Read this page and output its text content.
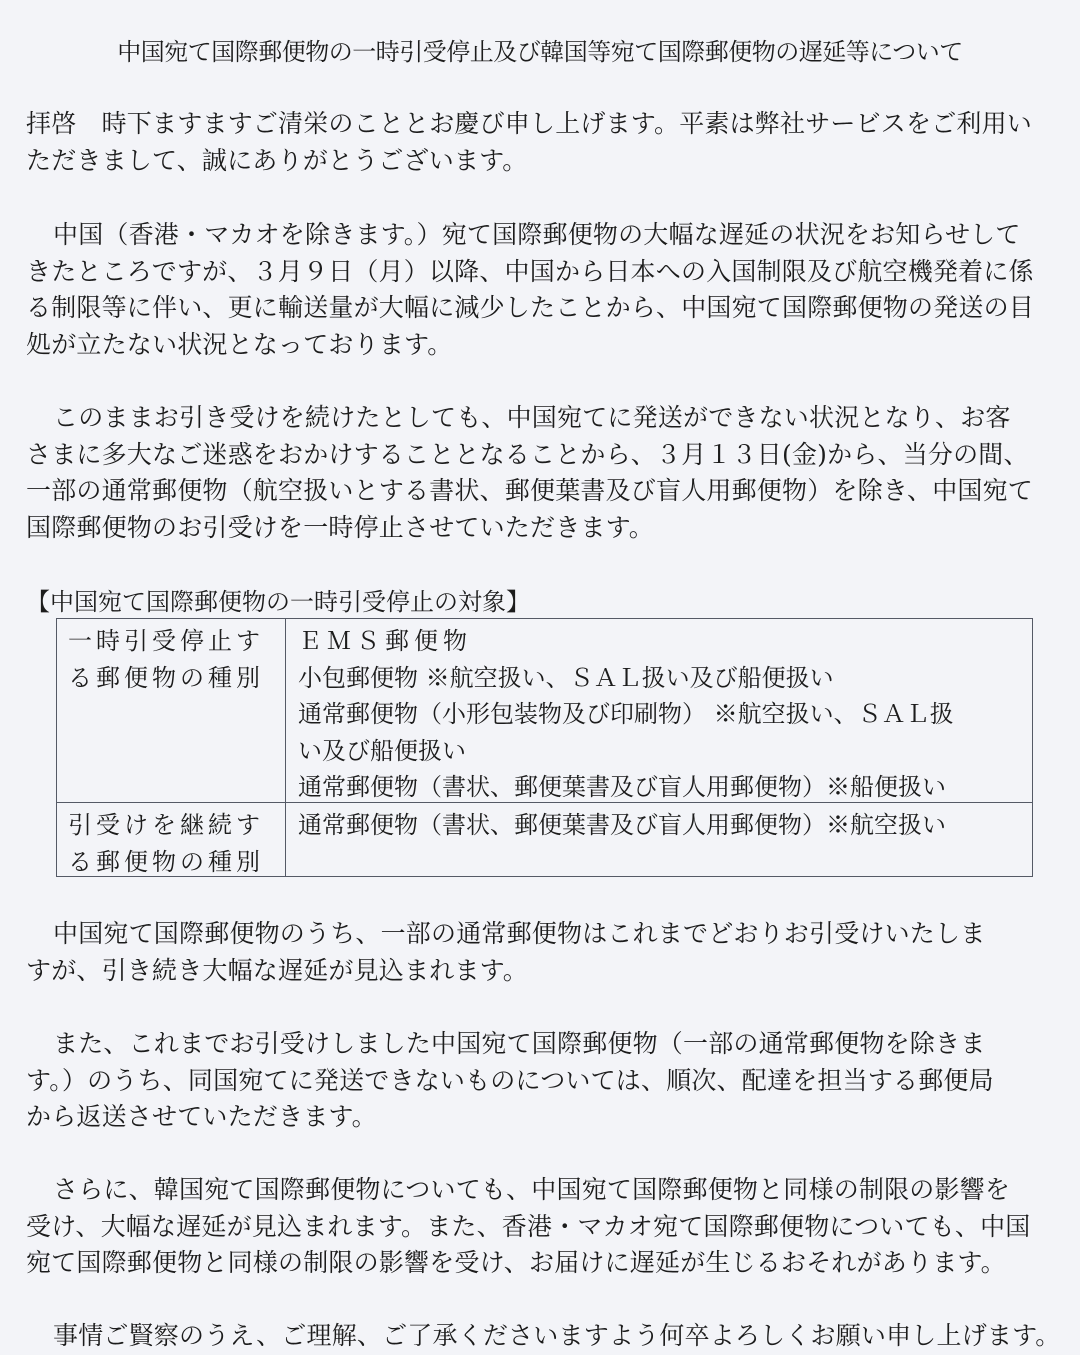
中国宛て国際郵便物の一時引受停止及び韓国等宛て国際郵便物の遅延等について
拝啓　時下ますますご清栄のこととお慶び申し上げます。平素は弊社サービスをご利用い
ただきまして、誠にありがとうございます。
中国（香港・マカオを除きます。）宛て国際郵便物の大幅な遅延の状況をお知らせして
きたところですが、３月９日（月）以降、中国から日本への入国制限及び航空機発着に係
る制限等に伴い、更に輸送量が大幅に減少したことから、中国宛て国際郵便物の発送の目
処が立たない状況となっております。
このままお引き受けを続けたとしても、中国宛てに発送ができない状況となり、お客
さまに多大なご迷惑をおかけすることとなることから、３月１３日(金)から、当分の間、
一部の通常郵便物（航空扱いとする書状、郵便葉書及び盲人用郵便物）を除き、中国宛て
国際郵便物のお引受けを一時停止させていただきます。
【中国宛て国際郵便物の一時引受停止の対象】
一時引受停止す
る郵便物の種別
ＥＭＳ郵便物
小包郵便物 ※航空扱い、ＳＡＬ扱い及び船便扱い
通常郵便物（小形包装物及び印刷物） ※航空扱い、ＳＡＬ扱
い及び船便扱い
通常郵便物（書状、郵便葉書及び盲人用郵便物）※船便扱い
引受けを継続す
る郵便物の種別
通常郵便物（書状、郵便葉書及び盲人用郵便物）※航空扱い
中国宛て国際郵便物のうち、一部の通常郵便物はこれまでどおりお引受けいたしま
すが、引き続き大幅な遅延が見込まれます。
また、これまでお引受けしました中国宛て国際郵便物（一部の通常郵便物を除きま
す。）のうち、同国宛てに発送できないものについては、順次、配達を担当する郵便局
から返送させていただきます。
さらに、韓国宛て国際郵便物についても、中国宛て国際郵便物と同様の制限の影響を
受け、大幅な遅延が見込まれます。また、香港・マカオ宛て国際郵便物についても、中国
宛て国際郵便物と同様の制限の影響を受け、お届けに遅延が生じるおそれがあります。
事情ご賢察のうえ、ご理解、ご了承くださいますよう何卒よろしくお願い申し上げます。
